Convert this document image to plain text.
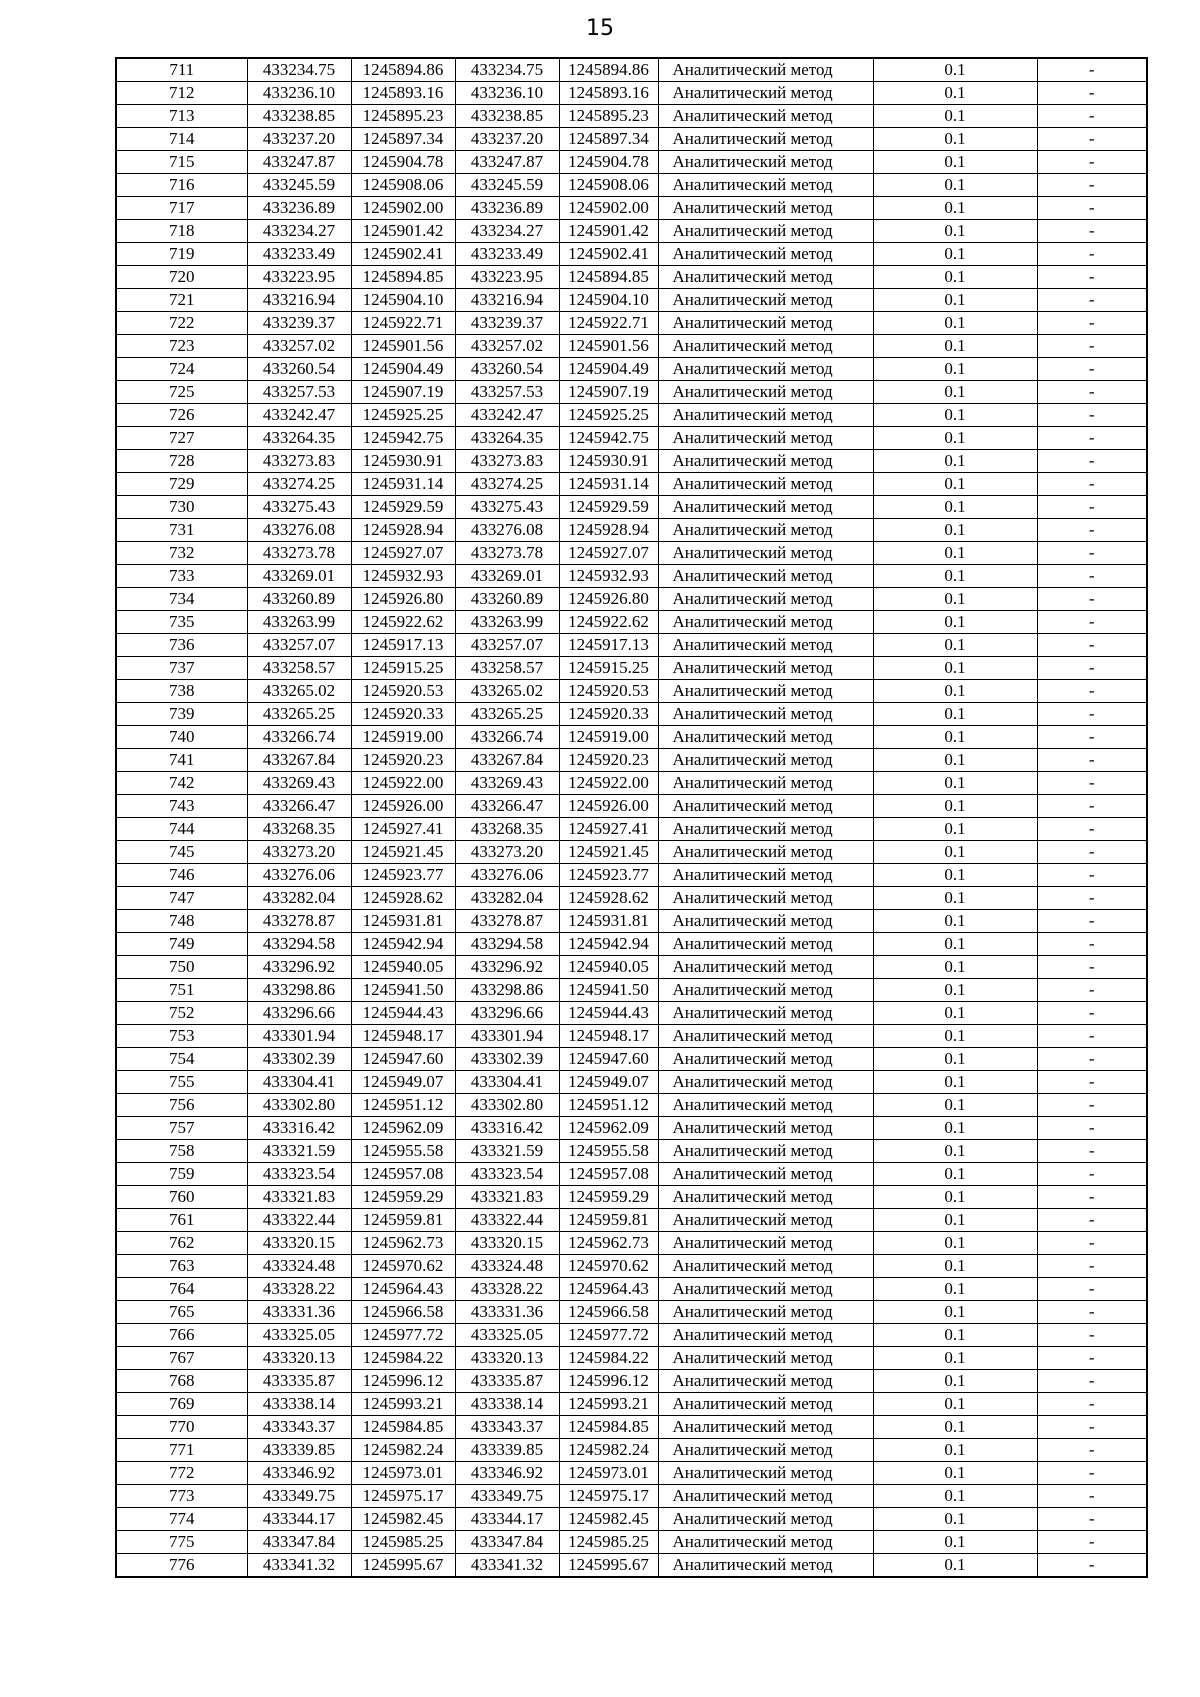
15
711	433234.75	1245894.86	433234.75	1245894.86	Аналитический метод	0.1	-
712	433236.10	1245893.16	433236.10	1245893.16	Аналитический метод	0.1	-
713	433238.85	1245895.23	433238.85	1245895.23	Аналитический метод	0.1	-
714	433237.20	1245897.34	433237.20	1245897.34	Аналитический метод	0.1	-
715	433247.87	1245904.78	433247.87	1245904.78	Аналитический метод	0.1	-
716	433245.59	1245908.06	433245.59	1245908.06	Аналитический метод	0.1	-
717	433236.89	1245902.00	433236.89	1245902.00	Аналитический метод	0.1	-
718	433234.27	1245901.42	433234.27	1245901.42	Аналитический метод	0.1	-
719	433233.49	1245902.41	433233.49	1245902.41	Аналитический метод	0.1	-
720	433223.95	1245894.85	433223.95	1245894.85	Аналитический метод	0.1	-
721	433216.94	1245904.10	433216.94	1245904.10	Аналитический метод	0.1	-
722	433239.37	1245922.71	433239.37	1245922.71	Аналитический метод	0.1	-
723	433257.02	1245901.56	433257.02	1245901.56	Аналитический метод	0.1	-
724	433260.54	1245904.49	433260.54	1245904.49	Аналитический метод	0.1	-
725	433257.53	1245907.19	433257.53	1245907.19	Аналитический метод	0.1	-
726	433242.47	1245925.25	433242.47	1245925.25	Аналитический метод	0.1	-
727	433264.35	1245942.75	433264.35	1245942.75	Аналитический метод	0.1	-
728	433273.83	1245930.91	433273.83	1245930.91	Аналитический метод	0.1	-
729	433274.25	1245931.14	433274.25	1245931.14	Аналитический метод	0.1	-
730	433275.43	1245929.59	433275.43	1245929.59	Аналитический метод	0.1	-
731	433276.08	1245928.94	433276.08	1245928.94	Аналитический метод	0.1	-
732	433273.78	1245927.07	433273.78	1245927.07	Аналитический метод	0.1	-
733	433269.01	1245932.93	433269.01	1245932.93	Аналитический метод	0.1	-
734	433260.89	1245926.80	433260.89	1245926.80	Аналитический метод	0.1	-
735	433263.99	1245922.62	433263.99	1245922.62	Аналитический метод	0.1	-
736	433257.07	1245917.13	433257.07	1245917.13	Аналитический метод	0.1	-
737	433258.57	1245915.25	433258.57	1245915.25	Аналитический метод	0.1	-
738	433265.02	1245920.53	433265.02	1245920.53	Аналитический метод	0.1	-
739	433265.25	1245920.33	433265.25	1245920.33	Аналитический метод	0.1	-
740	433266.74	1245919.00	433266.74	1245919.00	Аналитический метод	0.1	-
741	433267.84	1245920.23	433267.84	1245920.23	Аналитический метод	0.1	-
742	433269.43	1245922.00	433269.43	1245922.00	Аналитический метод	0.1	-
743	433266.47	1245926.00	433266.47	1245926.00	Аналитический метод	0.1	-
744	433268.35	1245927.41	433268.35	1245927.41	Аналитический метод	0.1	-
745	433273.20	1245921.45	433273.20	1245921.45	Аналитический метод	0.1	-
746	433276.06	1245923.77	433276.06	1245923.77	Аналитический метод	0.1	-
747	433282.04	1245928.62	433282.04	1245928.62	Аналитический метод	0.1	-
748	433278.87	1245931.81	433278.87	1245931.81	Аналитический метод	0.1	-
749	433294.58	1245942.94	433294.58	1245942.94	Аналитический метод	0.1	-
750	433296.92	1245940.05	433296.92	1245940.05	Аналитический метод	0.1	-
751	433298.86	1245941.50	433298.86	1245941.50	Аналитический метод	0.1	-
752	433296.66	1245944.43	433296.66	1245944.43	Аналитический метод	0.1	-
753	433301.94	1245948.17	433301.94	1245948.17	Аналитический метод	0.1	-
754	433302.39	1245947.60	433302.39	1245947.60	Аналитический метод	0.1	-
755	433304.41	1245949.07	433304.41	1245949.07	Аналитический метод	0.1	-
756	433302.80	1245951.12	433302.80	1245951.12	Аналитический метод	0.1	-
757	433316.42	1245962.09	433316.42	1245962.09	Аналитический метод	0.1	-
758	433321.59	1245955.58	433321.59	1245955.58	Аналитический метод	0.1	-
759	433323.54	1245957.08	433323.54	1245957.08	Аналитический метод	0.1	-
760	433321.83	1245959.29	433321.83	1245959.29	Аналитический метод	0.1	-
761	433322.44	1245959.81	433322.44	1245959.81	Аналитический метод	0.1	-
762	433320.15	1245962.73	433320.15	1245962.73	Аналитический метод	0.1	-
763	433324.48	1245970.62	433324.48	1245970.62	Аналитический метод	0.1	-
764	433328.22	1245964.43	433328.22	1245964.43	Аналитический метод	0.1	-
765	433331.36	1245966.58	433331.36	1245966.58	Аналитический метод	0.1	-
766	433325.05	1245977.72	433325.05	1245977.72	Аналитический метод	0.1	-
767	433320.13	1245984.22	433320.13	1245984.22	Аналитический метод	0.1	-
768	433335.87	1245996.12	433335.87	1245996.12	Аналитический метод	0.1	-
769	433338.14	1245993.21	433338.14	1245993.21	Аналитический метод	0.1	-
770	433343.37	1245984.85	433343.37	1245984.85	Аналитический метод	0.1	-
771	433339.85	1245982.24	433339.85	1245982.24	Аналитический метод	0.1	-
772	433346.92	1245973.01	433346.92	1245973.01	Аналитический метод	0.1	-
773	433349.75	1245975.17	433349.75	1245975.17	Аналитический метод	0.1	-
774	433344.17	1245982.45	433344.17	1245982.45	Аналитический метод	0.1	-
775	433347.84	1245985.25	433347.84	1245985.25	Аналитический метод	0.1	-
776	433341.32	1245995.67	433341.32	1245995.67	Аналитический метод	0.1	-
